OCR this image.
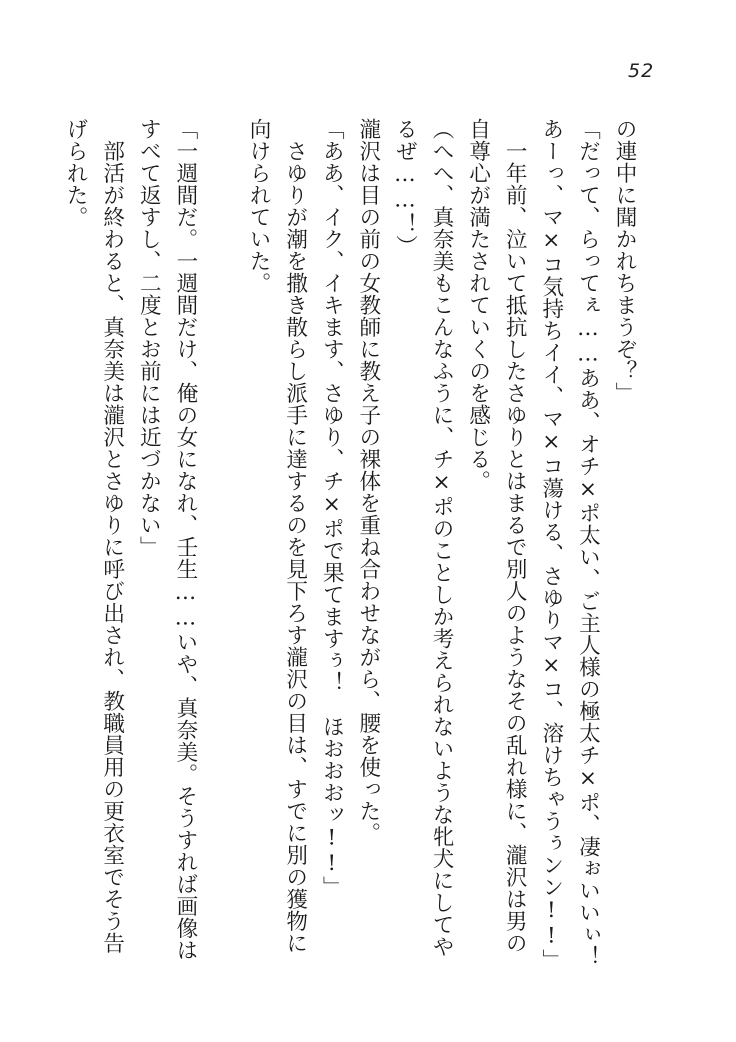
52
の連中に聞かれちまうぞ？」
「だって、らってぇ……ああ、オチ×ポ太い、ご主人様の極太チ×ポ、凄ぉいいぃ！
あーっ、マ×コ気持ちイイ、マ×コ蕩ける、さゆりマ×コ、溶けちゃうぅンン!!」
　一年前、泣いて抵抗したさゆりとはまるで別人のようなその乱れ様に、瀧沢は男の
自尊心が満たされていくのを感じる。
（へへ、真奈美もこんなふうに、チ×ポのことしか考えられないような牝犬にしてや
るぜ……！）
瀧沢は目の前の女教師に教え子の裸体を重ね合わせながら、腰を使った。
「ああ、イク、イキます、さゆり、チ×ポで果てますぅ！　ほおおおッ!!」
　さゆりが潮を撒き散らし派手に達するのを見下ろす瀧沢の目は、すでに別の獲物に
向けられていた。

「一週間だ。一週間だけ、俺の女になれ、壬生……いや、真奈美。そうすれば画像は
すべて返すし、二度とお前には近づかない」
　部活が終わると、真奈美は瀧沢とさゆりに呼び出され、教職員用の更衣室でそう告
げられた。
